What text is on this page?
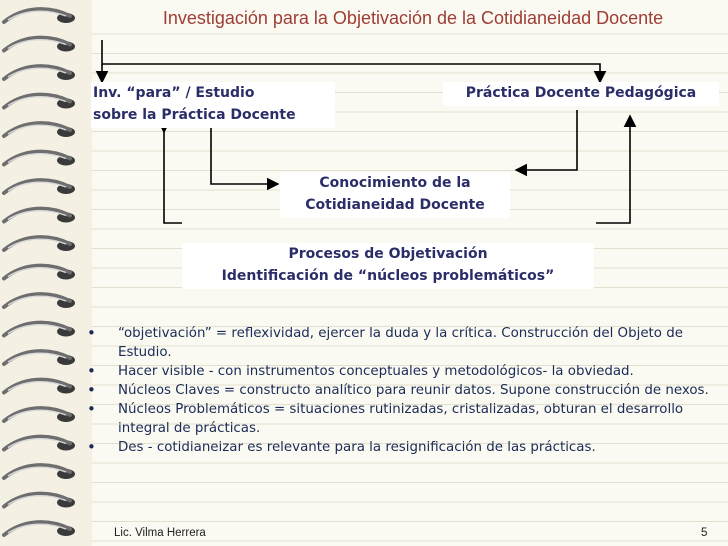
Investigación para la Objetivación de la Cotidianeidad Docente
Inv. “para” / Estudio
sobre la Práctica Docente
Práctica Docente Pedagógica
Conocimiento de la
Cotidianeidad Docente
Procesos de Objetivación
Identificación de “núcleos problemáticos”
• “objetivación” = reflexividad, ejercer la duda y la crítica. Construcción del Objeto de Estudio.
• Hacer visible - con instrumentos conceptuales y metodológicos- la obviedad.
• Núcleos Claves = constructo analítico para reunir datos. Supone construcción de nexos.
• Núcleos Problemáticos = situaciones rutinizadas, cristalizadas, obturan el desarrollo integral de prácticas.
• Des - cotidianeizar es relevante para la resignificación de las prácticas.
Lic. Vilma Herrera	5
